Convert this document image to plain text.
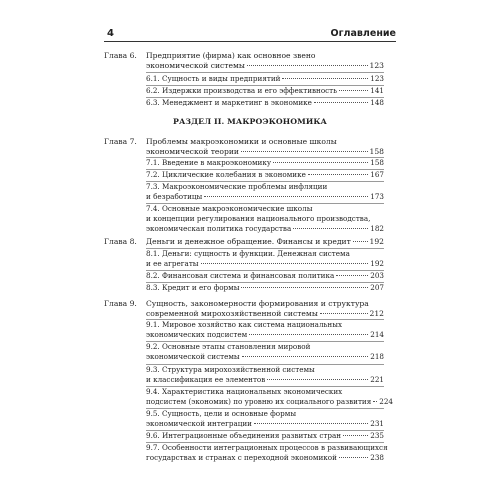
4	Оглавление
Глава 6. Предприятие (фирма) как основное звено
экономической системы	123
6.1. Сущность и виды предприятий	123
6.2. Издержки производства и его эффективность	141
6.3. Менеджмент и маркетинг в экономике	148
РАЗДЕЛ II. МАКРОЭКОНОМИКА
Глава 7. Проблемы макроэкономики и основные школы
экономической теории	158
7.1. Введение в макроэкономику	158
7.2. Циклические колебания в экономике	167
7.3. Макроэкономические проблемы инфляции
и безработицы	173
7.4. Основные макроэкономические школы
и концепции регулирования национального производства,
экономическая политика государства	182
Глава 8. Деньги и денежное обращение. Финансы и кредит 192
8.1. Деньги: сущность и функции. Денежная система
и ее агрегаты	192
8.2. Финансовая система и финансовая политика	203
8.3. Кредит и его формы	207
Глава 9. Сущность, закономерности формирования и структура
современной мирохозяйственной системы	212
9.1. Мировое хозяйство как система национальных
экономических подсистем	214
9.2. Основные этапы становления мировой
экономической системы	218
9.3. Структура мирохозяйственной системы
и классификация ее элементов	221
9.4. Характеристика национальных экономических
подсистем (экономик) по уровню их социального развития 224
9.5. Сущность, цели и основные формы
экономической интеграции	231
9.6. Интеграционные объединения развитых стран	235
9.7. Особенности интеграционных процессов в развивающихся
государствах и странах с переходной экономикой	238
